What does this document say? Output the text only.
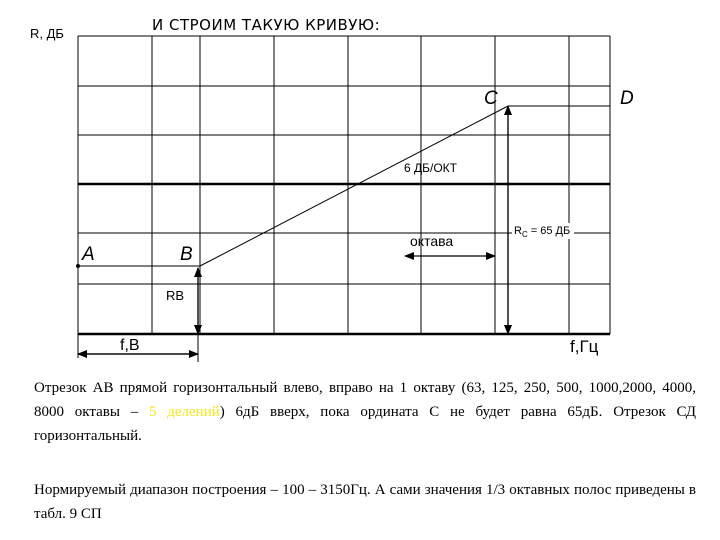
И СТРОИМ ТАКУЮ КРИВУЮ:
R, ДБ
А	В
С	D
6 ДБ/ОКТ
октава
$R_С = 65$ ДБ
RВ
f,В	f,Гц

Отрезок АВ прямой горизонтальный влево, вправо на 1 октаву (63, 125, 250, 500, 1000,2000, 4000, 8000 октавы – 5 делений) 6дБ вверх, пока ордината С не будет равна 65дБ. Отрезок СД горизонтальный.

Нормируемый диапазон построения – 100 – 3150Гц. А сами значения 1/3 октавных полос приведены в табл. 9 СП
